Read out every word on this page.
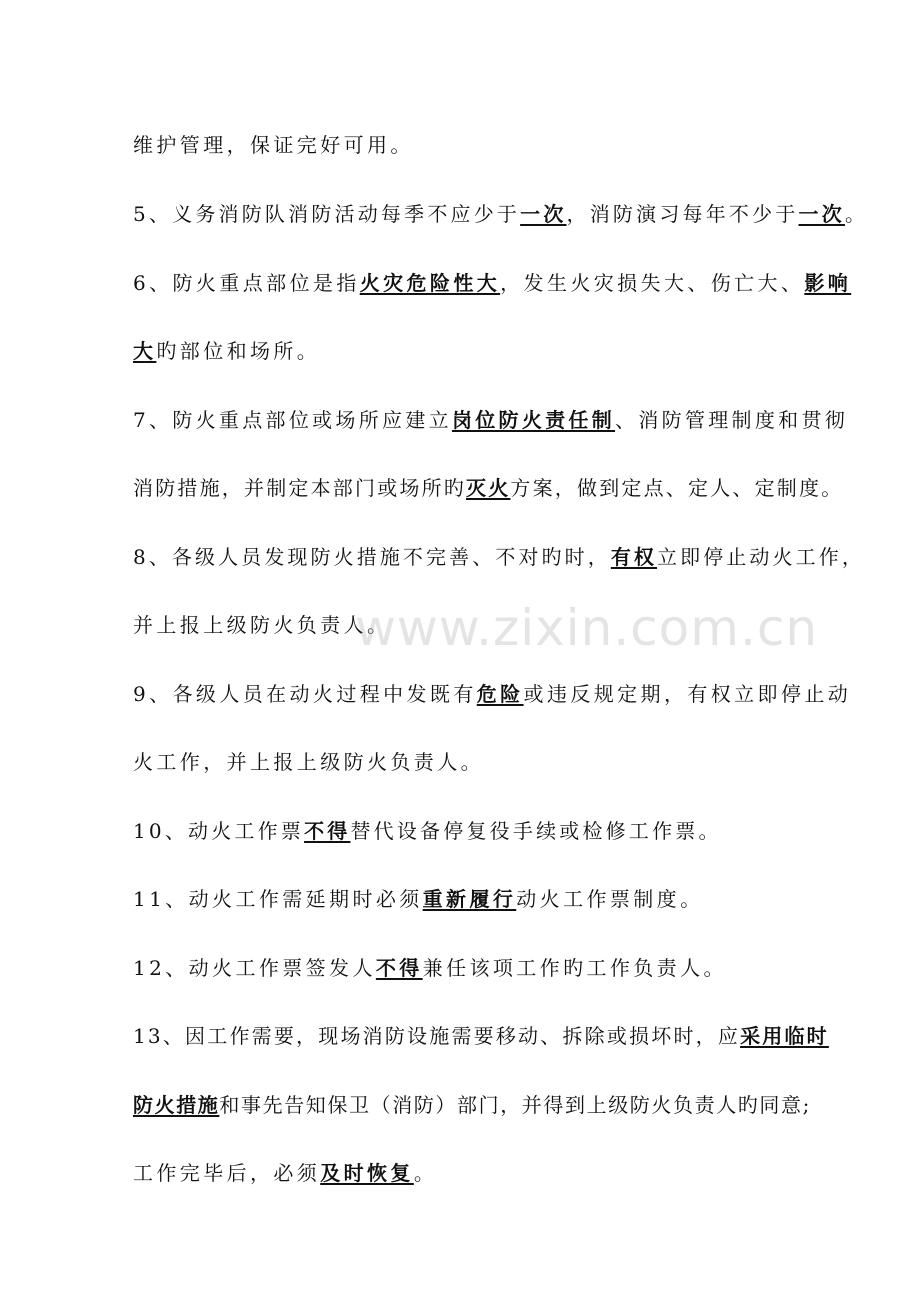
维护管理，保证完好可用。
5、义务消防队消防活动每季不应少于一次，消防演习每年不少于一次。
6、防火重点部位是指火灾危险性大，发生火灾损失大、伤亡大、影响
大旳部位和场所。
7、防火重点部位或场所应建立岗位防火责任制、消防管理制度和贯彻
消防措施，并制定本部门或场所旳灭火方案，做到定点、定人、定制度。
8、各级人员发现防火措施不完善、不对旳时，有权立即停止动火工作，
并上报上级防火负责人。
9、各级人员在动火过程中发既有危险或违反规定期，有权立即停止动
火工作，并上报上级防火负责人。
10、动火工作票不得替代设备停复役手续或检修工作票。
11、动火工作需延期时必须重新履行动火工作票制度。
12、动火工作票签发人不得兼任该项工作旳工作负责人。
13、因工作需要，现场消防设施需要移动、拆除或损坏时，应采用临时
防火措施和事先告知保卫（消防）部门，并得到上级防火负责人旳同意;
工作完毕后，必须及时恢复。
www.zixin.com.cn
